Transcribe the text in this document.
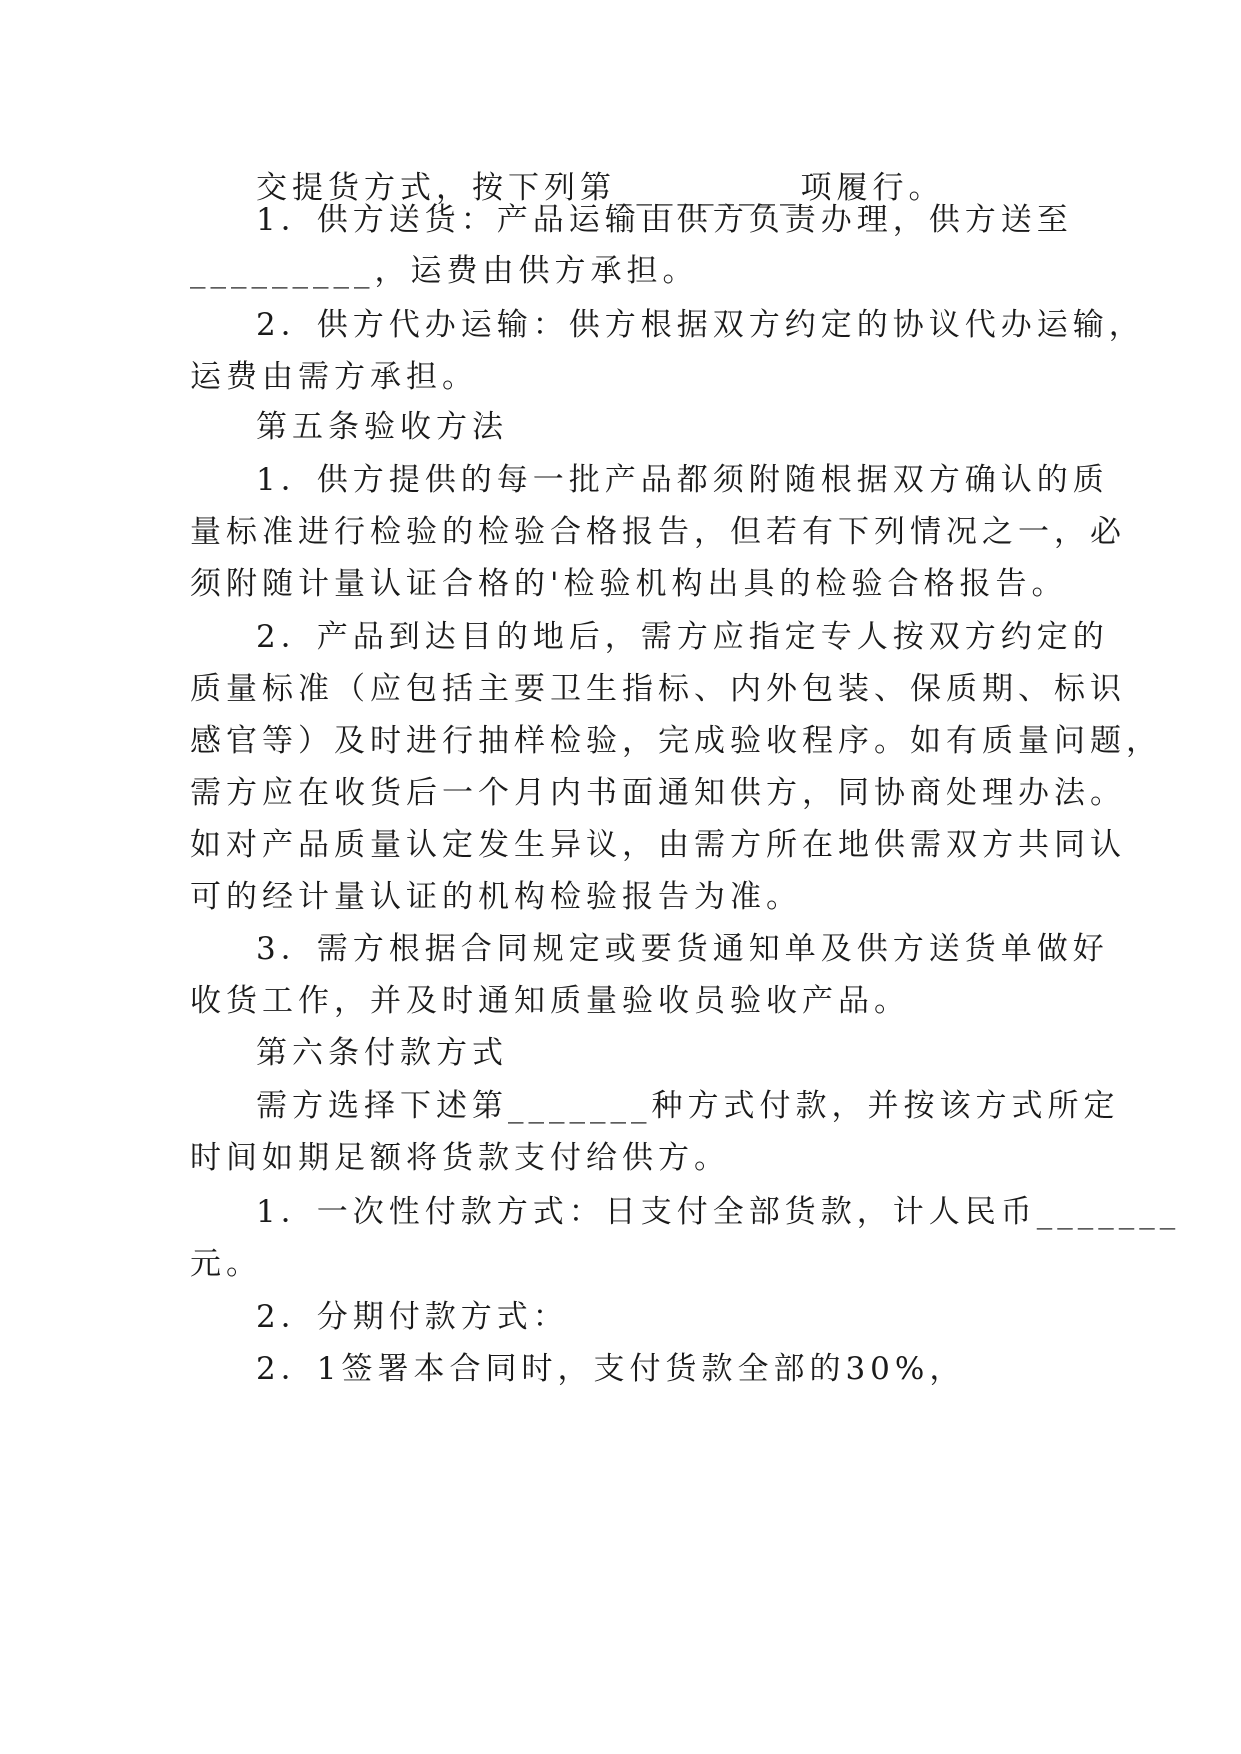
交提货方式，按下列第_________项履行。
1．供方送货：产品运输由供方负责办理，供方送至
_________，运费由供方承担。
2．供方代办运输：供方根据双方约定的协议代办运输，
运费由需方承担。
第五条验收方法
1．供方提供的每一批产品都须附随根据双方确认的质
量标准进行检验的检验合格报告，但若有下列情况之一，必
须附随计量认证合格的'检验机构出具的检验合格报告。
2．产品到达目的地后，需方应指定专人按双方约定的
质量标准（应包括主要卫生指标、内外包装、保质期、标识
感官等）及时进行抽样检验，完成验收程序。如有质量问题，
需方应在收货后一个月内书面通知供方，同协商处理办法。
如对产品质量认定发生异议，由需方所在地供需双方共同认
可的经计量认证的机构检验报告为准。
3．需方根据合同规定或要货通知单及供方送货单做好
收货工作，并及时通知质量验收员验收产品。
第六条付款方式
需方选择下述第_______种方式付款，并按该方式所定
时间如期足额将货款支付给供方。
1．一次性付款方式：日支付全部货款，计人民币_______
元。
2．分期付款方式：
2．1签署本合同时，支付货款全部的30%，
